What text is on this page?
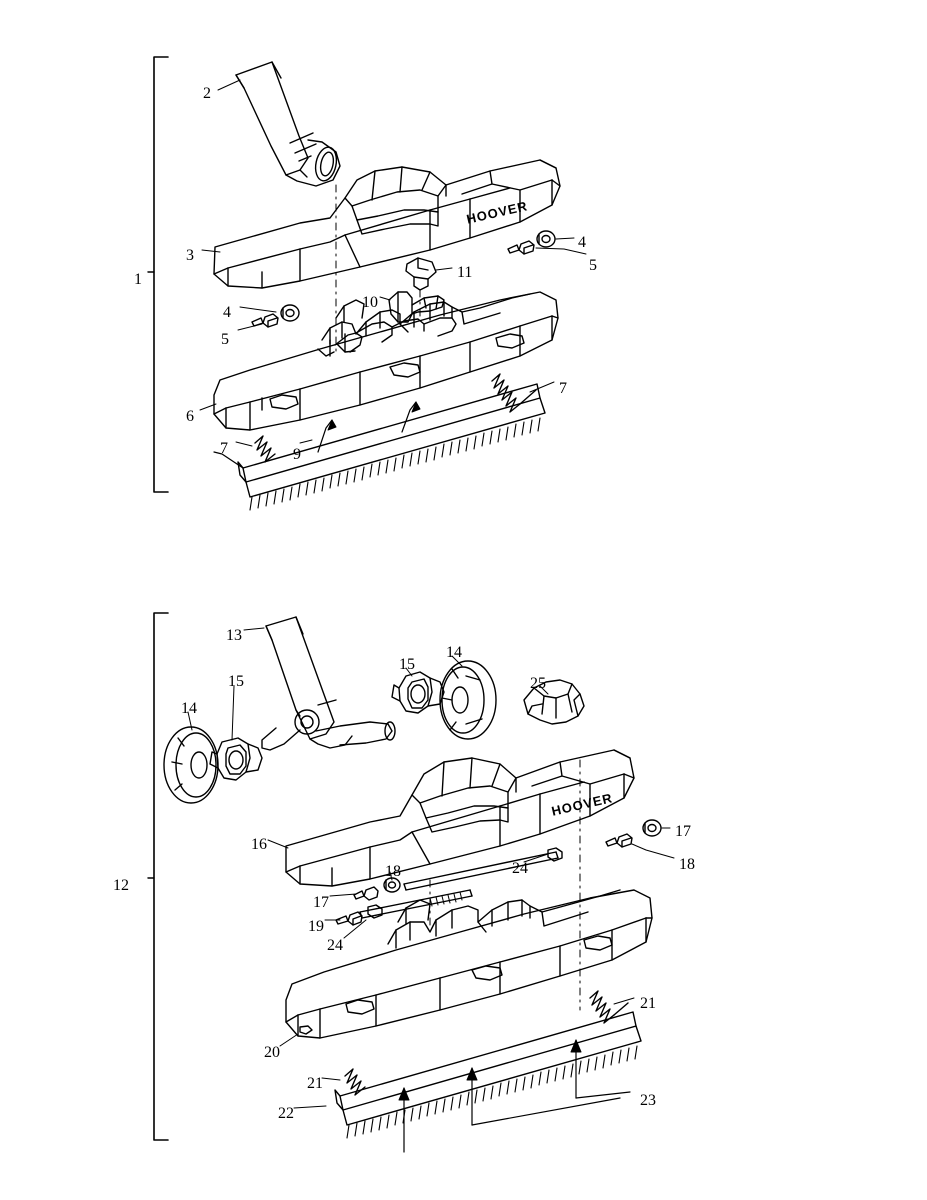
HOOVER
HOOVER
1
2
3
4
5
4
5
6
7
7	9
10
11
12
13
14
15
15
14
25
16
17
18
18
17
19
24
24
20
21
21
22
23
